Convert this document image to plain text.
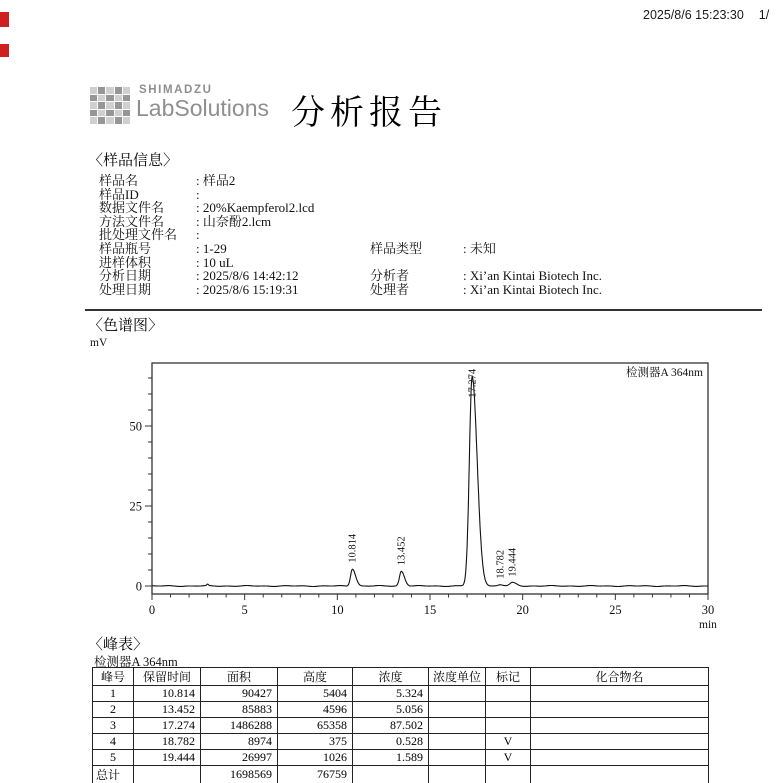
2025/8/6 15:23:30 1/
SHIMADZU
LabSolutions 分析报告
〈样品信息〉
样品名	: 样品2
样品ID	:
数据文件名 : 20%Kaempferol2.lcd
方法文件名 : 山奈酚2.lcm
批处理文件名 :
样品瓶号	: 1-29	样品类型	: 未知
进样体积	: 10 uL
分析日期	: 2025/8/6 14:42:12	分析者	: Xi’an Kintai Biotech Inc.
处理日期	: 2025/8/6 15:19:31	处理者	: Xi’an Kintai Biotech Inc.
〈色谱图〉
mV
0
25
50
0	5	10	15	20	25	30
min
10.814	13.452
17.274
18.782 19.444
检测器A 364nm
〈峰表〉
检测器A 364nm
峰号	保留时间	面积	高度	浓度	浓度单位	标记	化合物名
1	10.814	90427	5404	5.324			
2	13.452	85883	4596	5.056			
3	17.274	1486288	65358	87.502			
4	18.782	8974	375	0.528		V	
5	19.444	26997	1026	1.589		V	
总计		1698569	76759				
